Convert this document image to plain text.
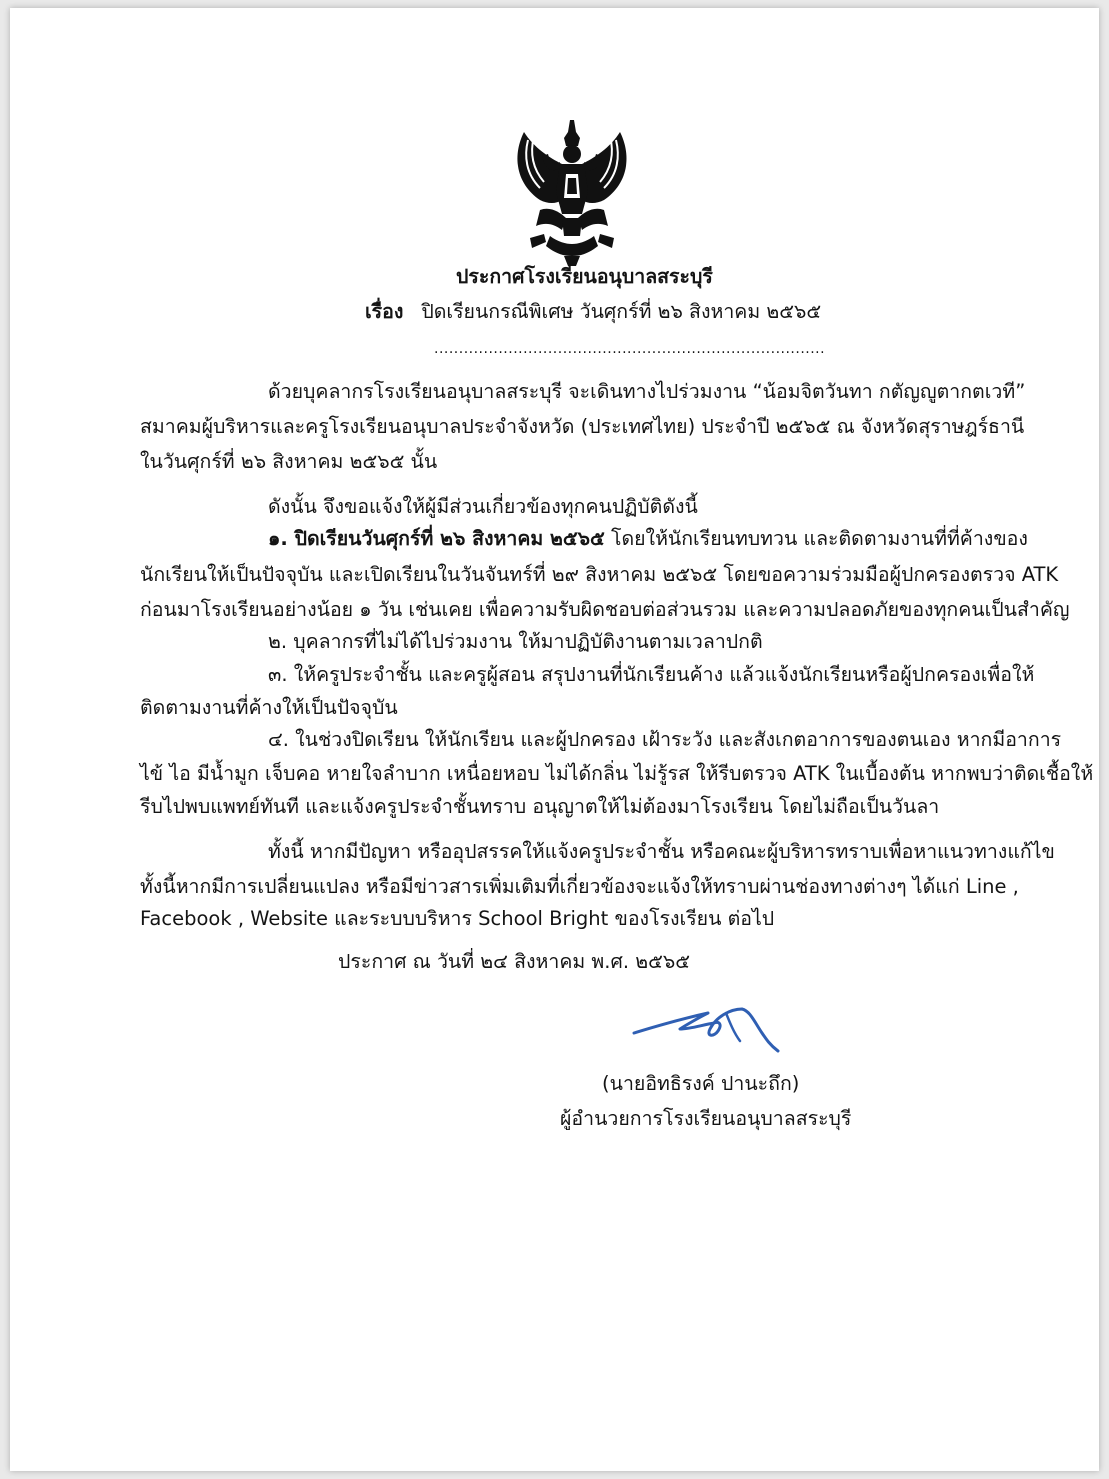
ประกาศโรงเรียนอนุบาลสระบุรี
เรื่อง ปิดเรียนกรณีพิเศษ วันศุกร์ที่ ๒๖ สิงหาคม ๒๕๖๕
...............................................................................
ด้วยบุคลากรโรงเรียนอนุบาลสระบุรี จะเดินทางไปร่วมงาน “น้อมจิตวันทา กตัญญูตากตเวที”
สมาคมผู้บริหารและครูโรงเรียนอนุบาลประจำจังหวัด (ประเทศไทย) ประจำปี ๒๕๖๕ ณ จังหวัดสุราษฎร์ธานี
ในวันศุกร์ที่ ๒๖ สิงหาคม ๒๕๖๕ นั้น
ดังนั้น จึงขอแจ้งให้ผู้มีส่วนเกี่ยวข้องทุกคนปฏิบัติดังนี้
๑. ปิดเรียนวันศุกร์ที่ ๒๖ สิงหาคม ๒๕๖๕ โดยให้นักเรียนทบทวน และติดตามงานที่ที่ค้างของ
นักเรียนให้เป็นปัจจุบัน และเปิดเรียนในวันจันทร์ที่ ๒๙ สิงหาคม ๒๕๖๕ โดยขอความร่วมมือผู้ปกครองตรวจ ATK
ก่อนมาโรงเรียนอย่างน้อย ๑ วัน เช่นเคย เพื่อความรับผิดชอบต่อส่วนรวม และความปลอดภัยของทุกคนเป็นสำคัญ
๒. บุคลากรที่ไม่ได้ไปร่วมงาน ให้มาปฏิบัติงานตามเวลาปกติ
๓. ให้ครูประจำชั้น และครูผู้สอน สรุปงานที่นักเรียนค้าง แล้วแจ้งนักเรียนหรือผู้ปกครองเพื่อให้
ติดตามงานที่ค้างให้เป็นปัจจุบัน
๔. ในช่วงปิดเรียน ให้นักเรียน และผู้ปกครอง เฝ้าระวัง และสังเกตอาการของตนเอง หากมีอาการ
ไข้ ไอ มีน้ำมูก เจ็บคอ หายใจลำบาก เหนื่อยหอบ ไม่ได้กลิ่น ไม่รู้รส ให้รีบตรวจ ATK ในเบื้องต้น หากพบว่าติดเชื้อให้
รีบไปพบแพทย์ทันที และแจ้งครูประจำชั้นทราบ อนุญาตให้ไม่ต้องมาโรงเรียน โดยไม่ถือเป็นวันลา
ทั้งนี้ หากมีปัญหา หรืออุปสรรคให้แจ้งครูประจำชั้น หรือคณะผู้บริหารทราบเพื่อหาแนวทางแก้ไข
ทั้งนี้หากมีการเปลี่ยนแปลง หรือมีข่าวสารเพิ่มเติมที่เกี่ยวข้องจะแจ้งให้ทราบผ่านช่องทางต่างๆ ได้แก่ Line ,
Facebook , Website และระบบบริหาร School Bright ของโรงเรียน ต่อไป
ประกาศ ณ วันที่ ๒๔ สิงหาคม พ.ศ. ๒๕๖๕
(นายอิทธิรงค์ ปานะถึก)
ผู้อำนวยการโรงเรียนอนุบาลสระบุรี
